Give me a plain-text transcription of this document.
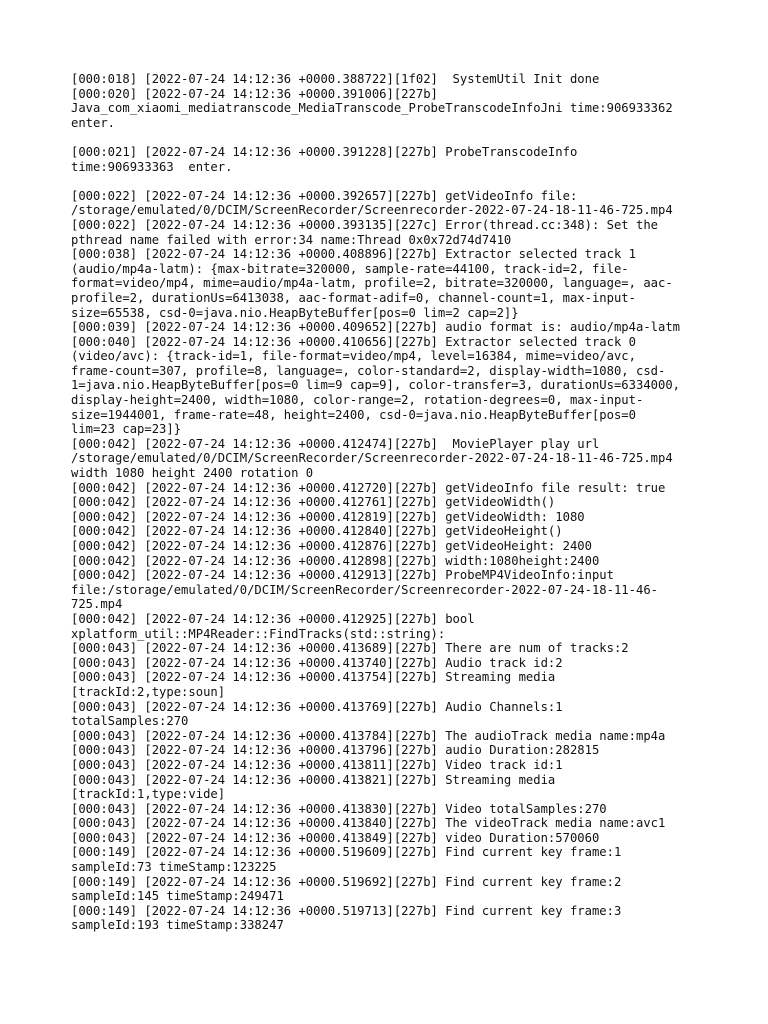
[000:018] [2022-07-24 14:12:36 +0000.388722][1f02]  SystemUtil Init done
[000:020] [2022-07-24 14:12:36 +0000.391006][227b]
Java_com_xiaomi_mediatranscode_MediaTranscode_ProbeTranscodeInfoJni time:906933362
enter.
[000:021] [2022-07-24 14:12:36 +0000.391228][227b] ProbeTranscodeInfo
time:906933363  enter.
[000:022] [2022-07-24 14:12:36 +0000.392657][227b] getVideoInfo file:
/storage/emulated/0/DCIM/ScreenRecorder/Screenrecorder-2022-07-24-18-11-46-725.mp4
[000:022] [2022-07-24 14:12:36 +0000.393135][227c] Error(thread.cc:348): Set the
pthread name failed with error:34 name:Thread 0x0x72d74d7410
[000:038] [2022-07-24 14:12:36 +0000.408896][227b] Extractor selected track 1
(audio/mp4a-latm): {max-bitrate=320000, sample-rate=44100, track-id=2, file-
format=video/mp4, mime=audio/mp4a-latm, profile=2, bitrate=320000, language=, aac-
profile=2, durationUs=6413038, aac-format-adif=0, channel-count=1, max-input-
size=65538, csd-0=java.nio.HeapByteBuffer[pos=0 lim=2 cap=2]}
[000:039] [2022-07-24 14:12:36 +0000.409652][227b] audio format is: audio/mp4a-latm
[000:040] [2022-07-24 14:12:36 +0000.410656][227b] Extractor selected track 0
(video/avc): {track-id=1, file-format=video/mp4, level=16384, mime=video/avc,
frame-count=307, profile=8, language=, color-standard=2, display-width=1080, csd-
1=java.nio.HeapByteBuffer[pos=0 lim=9 cap=9], color-transfer=3, durationUs=6334000,
display-height=2400, width=1080, color-range=2, rotation-degrees=0, max-input-
size=1944001, frame-rate=48, height=2400, csd-0=java.nio.HeapByteBuffer[pos=0
lim=23 cap=23]}
[000:042] [2022-07-24 14:12:36 +0000.412474][227b]  MoviePlayer play url
/storage/emulated/0/DCIM/ScreenRecorder/Screenrecorder-2022-07-24-18-11-46-725.mp4
width 1080 height 2400 rotation 0
[000:042] [2022-07-24 14:12:36 +0000.412720][227b] getVideoInfo file result: true
[000:042] [2022-07-24 14:12:36 +0000.412761][227b] getVideoWidth()
[000:042] [2022-07-24 14:12:36 +0000.412819][227b] getVideoWidth: 1080
[000:042] [2022-07-24 14:12:36 +0000.412840][227b] getVideoHeight()
[000:042] [2022-07-24 14:12:36 +0000.412876][227b] getVideoHeight: 2400
[000:042] [2022-07-24 14:12:36 +0000.412898][227b] width:1080height:2400
[000:042] [2022-07-24 14:12:36 +0000.412913][227b] ProbeMP4VideoInfo:input
file:/storage/emulated/0/DCIM/ScreenRecorder/Screenrecorder-2022-07-24-18-11-46-
725.mp4
[000:042] [2022-07-24 14:12:36 +0000.412925][227b] bool
xplatform_util::MP4Reader::FindTracks(std::string):
[000:043] [2022-07-24 14:12:36 +0000.413689][227b] There are num of tracks:2
[000:043] [2022-07-24 14:12:36 +0000.413740][227b] Audio track id:2
[000:043] [2022-07-24 14:12:36 +0000.413754][227b] Streaming media
[trackId:2,type:soun]
[000:043] [2022-07-24 14:12:36 +0000.413769][227b] Audio Channels:1
totalSamples:270
[000:043] [2022-07-24 14:12:36 +0000.413784][227b] The audioTrack media name:mp4a
[000:043] [2022-07-24 14:12:36 +0000.413796][227b] audio Duration:282815
[000:043] [2022-07-24 14:12:36 +0000.413811][227b] Video track id:1
[000:043] [2022-07-24 14:12:36 +0000.413821][227b] Streaming media
[trackId:1,type:vide]
[000:043] [2022-07-24 14:12:36 +0000.413830][227b] Video totalSamples:270
[000:043] [2022-07-24 14:12:36 +0000.413840][227b] The videoTrack media name:avc1
[000:043] [2022-07-24 14:12:36 +0000.413849][227b] video Duration:570060
[000:149] [2022-07-24 14:12:36 +0000.519609][227b] Find current key frame:1
sampleId:73 timeStamp:123225
[000:149] [2022-07-24 14:12:36 +0000.519692][227b] Find current key frame:2
sampleId:145 timeStamp:249471
[000:149] [2022-07-24 14:12:36 +0000.519713][227b] Find current key frame:3
sampleId:193 timeStamp:338247
